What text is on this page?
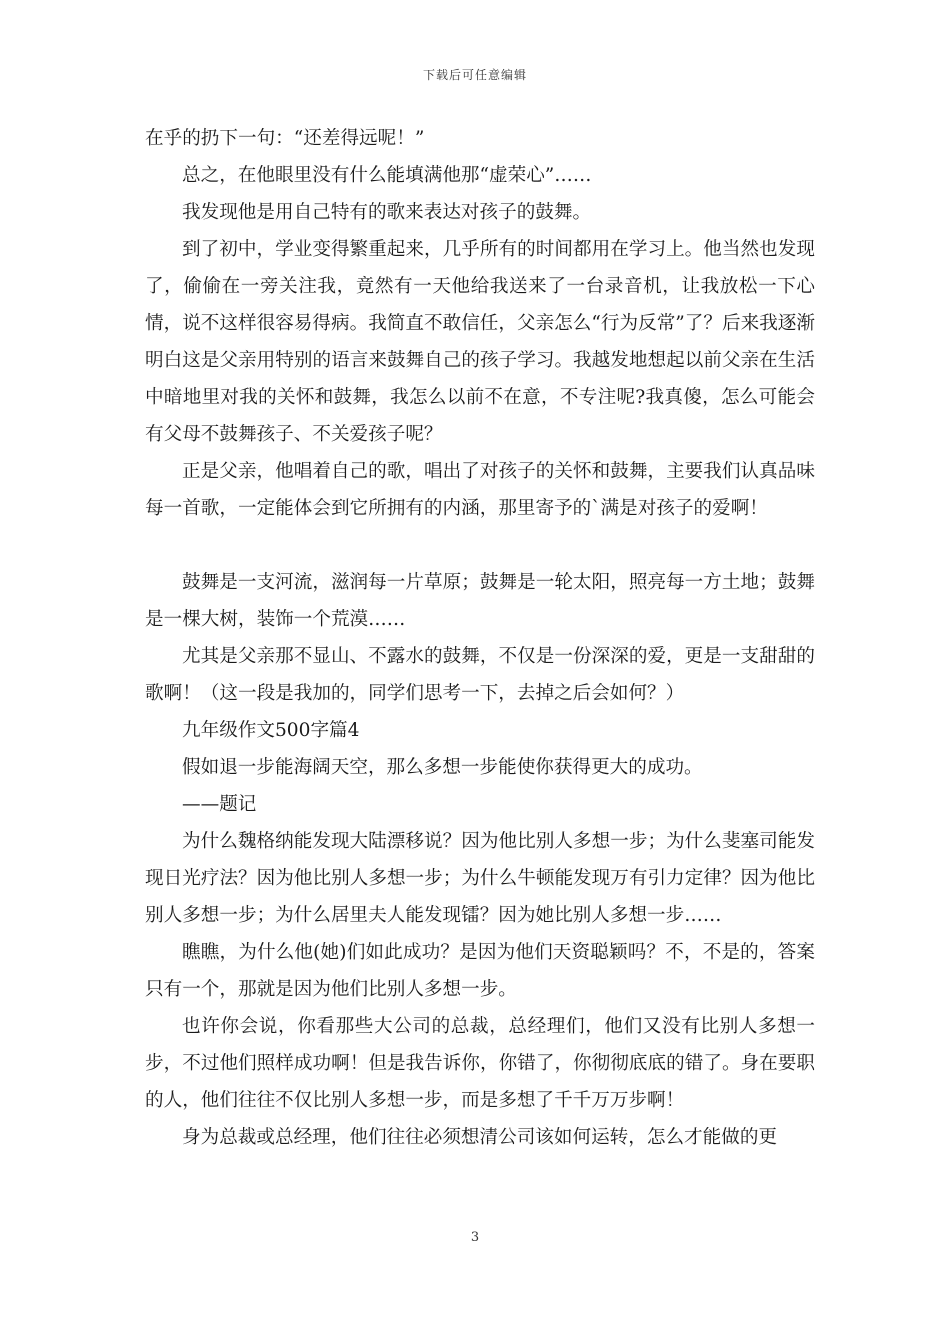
下载后可任意编辑

在乎的扔下一句：“还差得远呢！”

总之，在他眼里没有什么能填满他那“虚荣心”……

我发现他是用自己特有的歌来表达对孩子的鼓舞。

到了初中，学业变得繁重起来，几乎所有的时间都用在学习上。他当然也发现了，偷偷在一旁关注我，竟然有一天他给我送来了一台录音机，让我放松一下心情，说不这样很容易得病。我简直不敢信任，父亲怎么“行为反常”了？后来我逐渐明白这是父亲用特别的语言来鼓舞自己的孩子学习。我越发地想起以前父亲在生活中暗地里对我的关怀和鼓舞，我怎么以前不在意，不专注呢?我真傻，怎么可能会有父母不鼓舞孩子、不关爱孩子呢？

正是父亲，他唱着自己的歌，唱出了对孩子的关怀和鼓舞，主要我们认真品味每一首歌，一定能体会到它所拥有的内涵，那里寄予的`满是对孩子的爱啊！

鼓舞是一支河流，滋润每一片草原；鼓舞是一轮太阳，照亮每一方土地；鼓舞是一棵大树，装饰一个荒漠……

尤其是父亲那不显山、不露水的鼓舞，不仅是一份深深的爱，更是一支甜甜的歌啊！（这一段是我加的，同学们思考一下，去掉之后会如何？）

九年级作文500字篇4

假如退一步能海阔天空，那么多想一步能使你获得更大的成功。

——题记

为什么魏格纳能发现大陆漂移说？因为他比别人多想一步；为什么斐塞司能发现日光疗法？因为他比别人多想一步；为什么牛顿能发现万有引力定律？因为他比别人多想一步；为什么居里夫人能发现镭？因为她比别人多想一步……

瞧瞧，为什么他(她)们如此成功？是因为他们天资聪颖吗？不，不是的，答案只有一个，那就是因为他们比别人多想一步。

也许你会说，你看那些大公司的总裁，总经理们，他们又没有比别人多想一步，不过他们照样成功啊！但是我告诉你，你错了，你彻彻底底的错了。身在要职的人，他们往往不仅比别人多想一步，而是多想了千千万万步啊！

身为总裁或总经理，他们往往必须想清公司该如何运转，怎么才能做的更

3
